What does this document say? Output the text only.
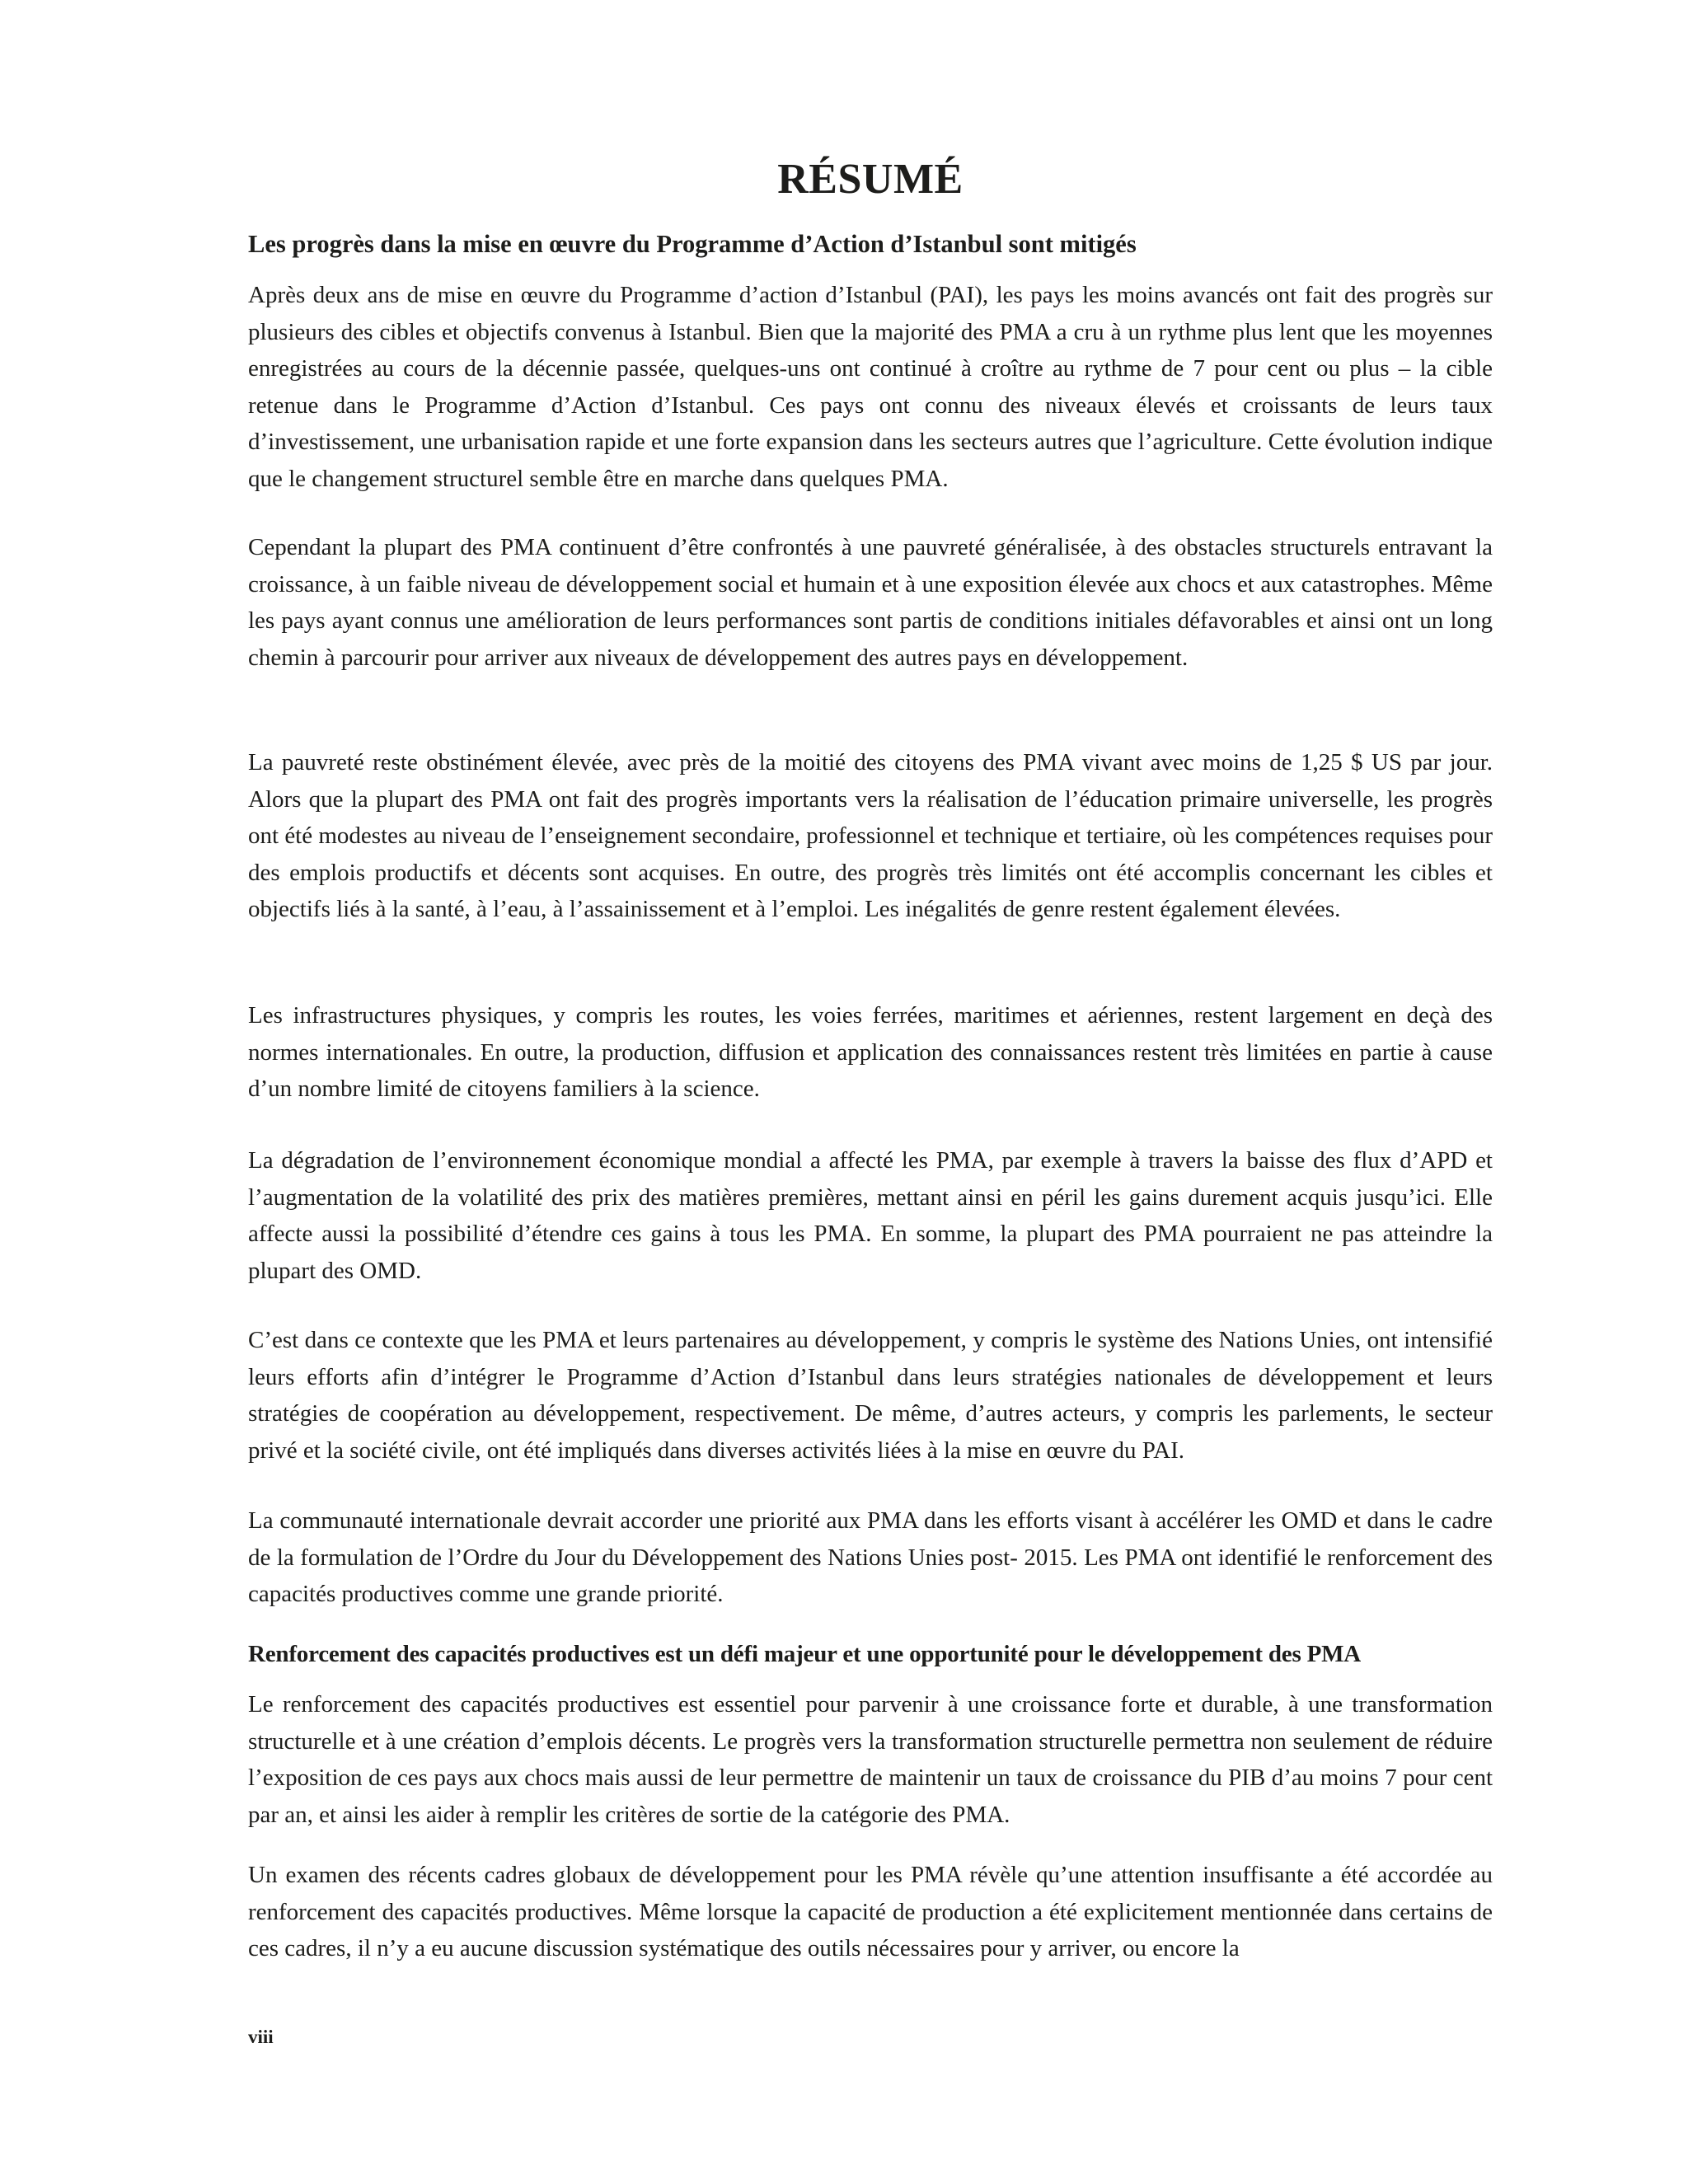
RÉSUMÉ
Les progrès dans la mise en œuvre du Programme d’Action d’Istanbul sont mitigés

Après deux ans de mise en œuvre du Programme d’action d’Istanbul (PAI), les pays les moins avancés ont fait des progrès sur plusieurs des cibles et objectifs convenus à Istanbul. Bien que la majorité des PMA a cru à un rythme plus lent que les moyennes enregistrées au cours de la décennie passée, quelques-uns ont continué à croître au rythme de 7 pour cent ou plus – la cible retenue dans le Programme d’Action d’Istanbul. Ces pays ont connu des niveaux élevés et croissants de leurs taux d’investissement, une urbanisation rapide et une forte expansion dans les secteurs autres que l’agriculture. Cette évolution indique que le changement structurel semble être en marche dans quelques PMA.

Cependant la plupart des PMA continuent d’être confrontés à une pauvreté généralisée, à des obstacles structurels entravant la croissance, à un faible niveau de développement social et humain et à une exposition élevée aux chocs et aux catastrophes. Même les pays ayant connus une amélioration de leurs performances sont partis de conditions initiales défavorables et ainsi ont un long chemin à parcourir pour arriver aux niveaux de développement des autres pays en développement.

La pauvreté reste obstinément élevée, avec près de la moitié des citoyens des PMA vivant avec moins de 1,25 $ US par jour. Alors que la plupart des PMA ont fait des progrès importants vers la réalisation de l’éducation primaire universelle, les progrès ont été modestes au niveau de l’enseignement secondaire, professionnel et technique et tertiaire, où les compétences requises pour des emplois productifs et décents sont acquises. En outre, des progrès très limités ont été accomplis concernant les cibles et objectifs liés à la santé, à l’eau, à l’assainissement et à l’emploi. Les inégalités de genre restent également élevées.

Les infrastructures physiques, y compris les routes, les voies ferrées, maritimes et aériennes, restent largement en deçà des normes internationales. En outre, la production, diffusion et application des connaissances restent très limitées en partie à cause d’un nombre limité de citoyens familiers à la science.

La dégradation de l’environnement économique mondial a affecté les PMA, par exemple à travers la baisse des flux d’APD et l’augmentation de la volatilité des prix des matières premières, mettant ainsi en péril les gains durement acquis jusqu’ici. Elle affecte aussi la possibilité d’étendre ces gains à tous les PMA. En somme, la plupart des PMA pourraient ne pas atteindre la plupart des OMD.

C’est dans ce contexte que les PMA et leurs partenaires au développement, y compris le système des Nations Unies, ont intensifié leurs efforts afin d’intégrer le Programme d’Action d’Istanbul dans leurs stratégies nationales de développement et leurs stratégies de coopération au développement, respectivement. De même, d’autres acteurs, y compris les parlements, le secteur privé et la société civile, ont été impliqués dans diverses activités liées à la mise en œuvre du PAI.

La communauté internationale devrait accorder une priorité aux PMA dans les efforts visant à accélérer les OMD et dans le cadre de la formulation de l’Ordre du Jour du Développement des Nations Unies post- 2015. Les PMA ont identifié le renforcement des capacités productives comme une grande priorité.

Renforcement des capacités productives est un défi majeur et une opportunité pour le développement des PMA

Le renforcement des capacités productives est essentiel pour parvenir à une croissance forte et durable, à une transformation structurelle et à une création d’emplois décents. Le progrès vers la transformation structurelle permettra non seulement de réduire l’exposition de ces pays aux chocs mais aussi de leur permettre de maintenir un taux de croissance du PIB d’au moins 7 pour cent par an, et ainsi les aider à remplir les critères de sortie de la catégorie des PMA.

Un examen des récents cadres globaux de développement pour les PMA révèle qu’une attention insuffisante a été accordée au renforcement des capacités productives. Même lorsque la capacité de production a été explicitement mentionnée dans certains de ces cadres, il n’y a eu aucune discussion systématique des outils nécessaires pour y arriver, ou encore la

viii
